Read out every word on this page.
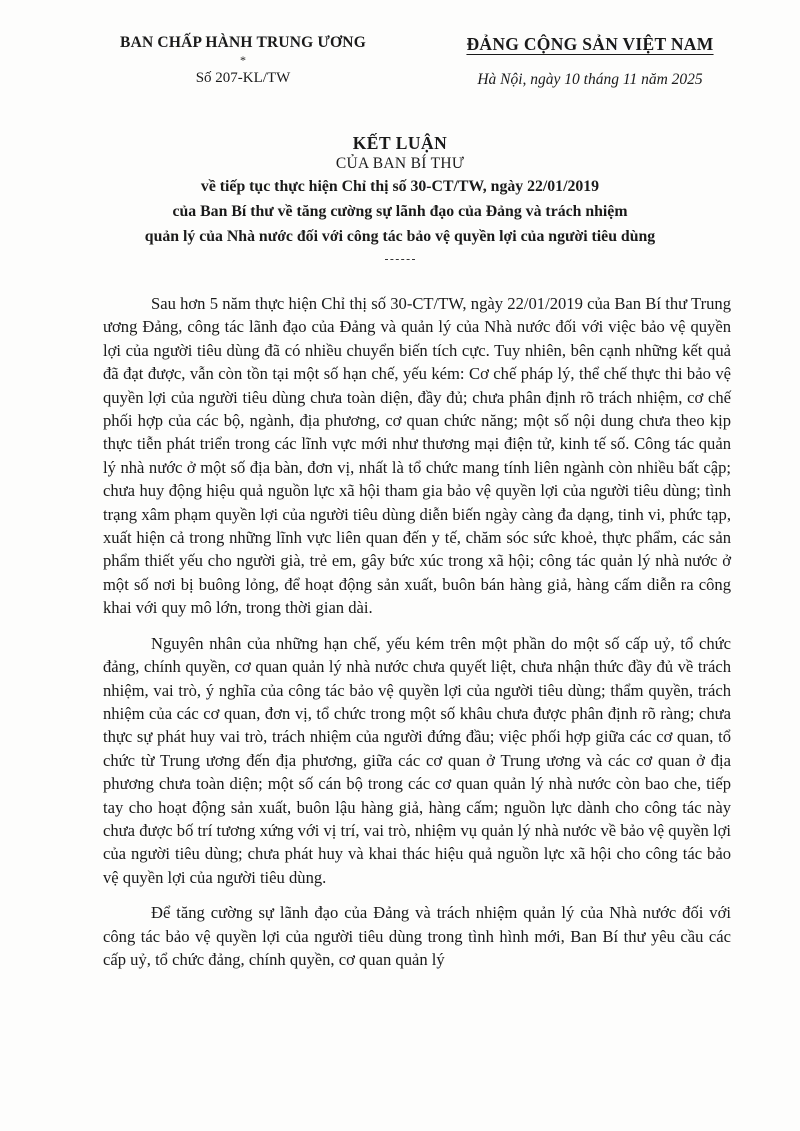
BAN CHẤP HÀNH TRUNG ƯƠNG
*
Số 207-KL/TW
ĐẢNG CỘNG SẢN VIỆT NAM
Hà Nội, ngày 10 tháng 11 năm 2025
KẾT LUẬN
CỦA BAN BÍ THƯ
về tiếp tục thực hiện Chỉ thị số 30-CT/TW, ngày 22/01/2019
của Ban Bí thư về tăng cường sự lãnh đạo của Đảng và trách nhiệm
quản lý của Nhà nước đối với công tác bảo vệ quyền lợi của người tiêu dùng

Sau hơn 5 năm thực hiện Chỉ thị số 30-CT/TW, ngày 22/01/2019 của Ban Bí thư Trung ương Đảng, công tác lãnh đạo của Đảng và quản lý của Nhà nước đối với việc bảo vệ quyền lợi của người tiêu dùng đã có nhiều chuyển biến tích cực. Tuy nhiên, bên cạnh những kết quả đã đạt được, vẫn còn tồn tại một số hạn chế, yếu kém: Cơ chế pháp lý, thể chế thực thi bảo vệ quyền lợi của người tiêu dùng chưa toàn diện, đầy đủ; chưa phân định rõ trách nhiệm, cơ chế phối hợp của các bộ, ngành, địa phương, cơ quan chức năng; một số nội dung chưa theo kịp thực tiễn phát triển trong các lĩnh vực mới như thương mại điện tử, kinh tế số. Công tác quản lý nhà nước ở một số địa bàn, đơn vị, nhất là tổ chức mang tính liên ngành còn nhiều bất cập; chưa huy động hiệu quả nguồn lực xã hội tham gia bảo vệ quyền lợi của người tiêu dùng; tình trạng xâm phạm quyền lợi của người tiêu dùng diễn biến ngày càng đa dạng, tinh vi, phức tạp, xuất hiện cả trong những lĩnh vực liên quan đến y tế, chăm sóc sức khoẻ, thực phẩm, các sản phẩm thiết yếu cho người già, trẻ em, gây bức xúc trong xã hội; công tác quản lý nhà nước ở một số nơi bị buông lỏng, để hoạt động sản xuất, buôn bán hàng giả, hàng cấm diễn ra công khai với quy mô lớn, trong thời gian dài.

Nguyên nhân của những hạn chế, yếu kém trên một phần do một số cấp uỷ, tổ chức đảng, chính quyền, cơ quan quản lý nhà nước chưa quyết liệt, chưa nhận thức đầy đủ về trách nhiệm, vai trò, ý nghĩa của công tác bảo vệ quyền lợi của người tiêu dùng; thẩm quyền, trách nhiệm của các cơ quan, đơn vị, tổ chức trong một số khâu chưa được phân định rõ ràng; chưa thực sự phát huy vai trò, trách nhiệm của người đứng đầu; việc phối hợp giữa các cơ quan, tổ chức từ Trung ương đến địa phương, giữa các cơ quan ở Trung ương và các cơ quan ở địa phương chưa toàn diện; một số cán bộ trong các cơ quan quản lý nhà nước còn bao che, tiếp tay cho hoạt động sản xuất, buôn lậu hàng giả, hàng cấm; nguồn lực dành cho công tác này chưa được bố trí tương xứng với vị trí, vai trò, nhiệm vụ quản lý nhà nước về bảo vệ quyền lợi của người tiêu dùng; chưa phát huy và khai thác hiệu quả nguồn lực xã hội cho công tác bảo vệ quyền lợi của người tiêu dùng.

Để tăng cường sự lãnh đạo của Đảng và trách nhiệm quản lý của Nhà nước đối với công tác bảo vệ quyền lợi của người tiêu dùng trong tình hình mới, Ban Bí thư yêu cầu các cấp uỷ, tổ chức đảng, chính quyền, cơ quan quản lý
